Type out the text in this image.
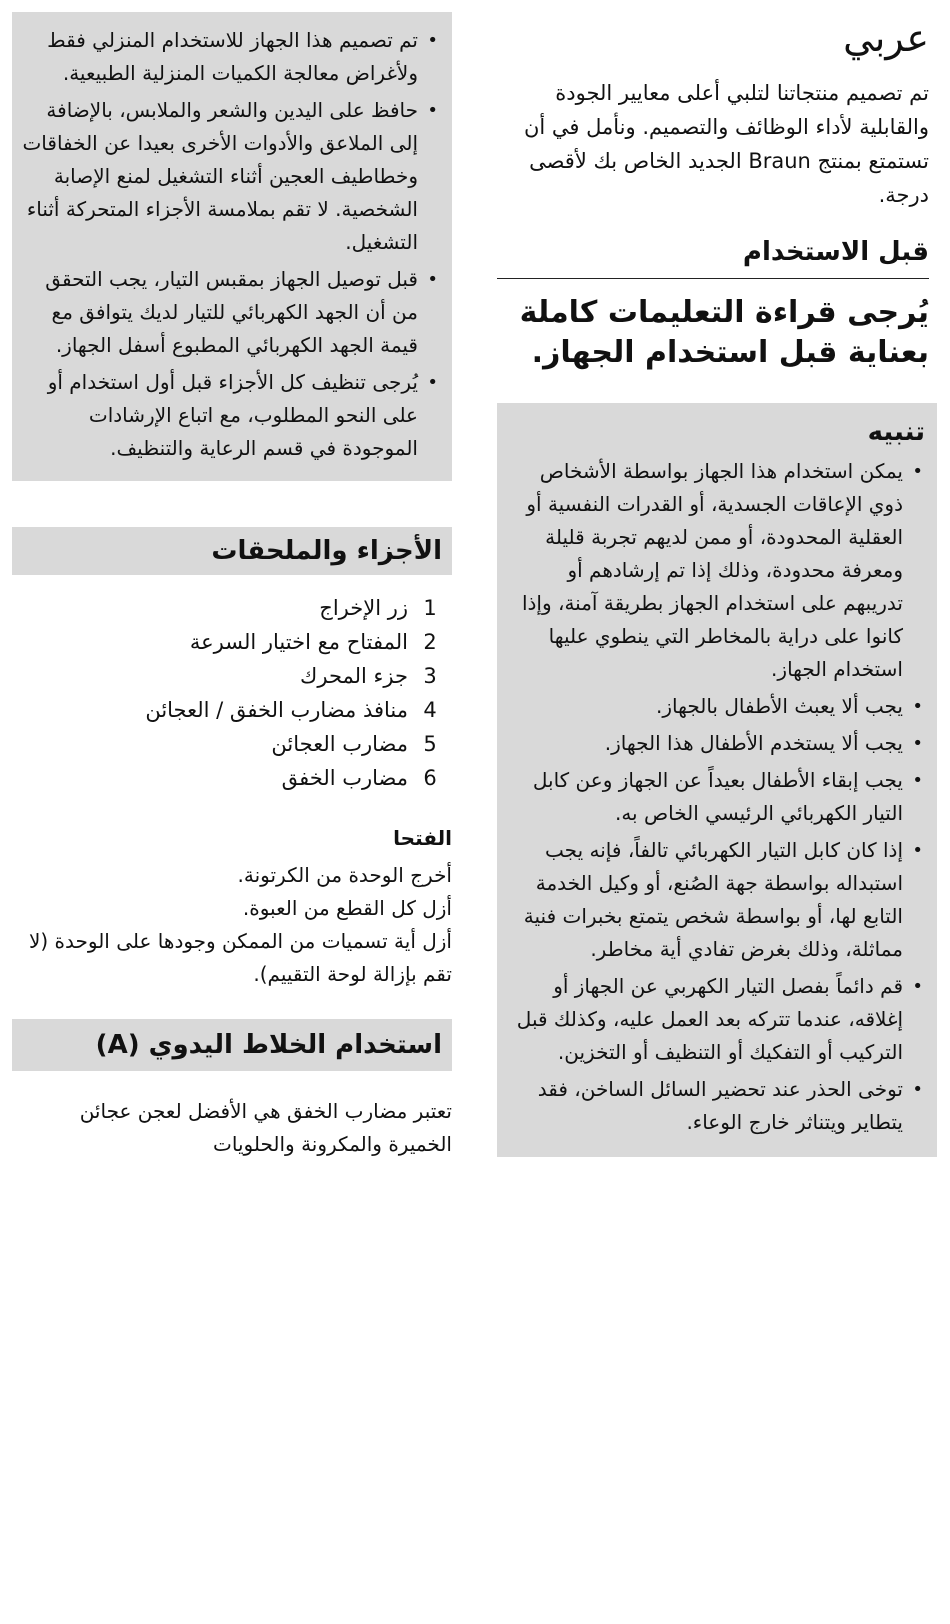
عربي

تم تصميم منتجاتنا لتلبي أعلى معايير الجودة والقابلية لأداء الوظائف والتصميم. ونأمل في أن تستمتع بمنتج Braun الجديد الخاص بك لأقصى درجة.

قبل الاستخدام
يُرجى قراءة التعليمات كاملة بعناية قبل استخدام الجهاز.
تنبيه
•
يمكن استخدام هذا الجهاز بواسطة الأشخاص ذوي الإعاقات الجسدية، أو القدرات النفسية أو العقلية المحدودة، أو ممن لديهم تجربة قليلة ومعرفة محدودة، وذلك إذا تم إرشادهم أو تدريبهم على استخدام الجهاز بطريقة آمنة، وإذا كانوا على دراية بالمخاطر التي ينطوي عليها استخدام الجهاز.
•
يجب ألا يعبث الأطفال بالجهاز.
•
يجب ألا يستخدم الأطفال هذا الجهاز.
•
يجب إبقاء الأطفال بعيداً عن الجهاز وعن كابل التيار الكهربائي الرئيسي الخاص به.
•
إذا كان كابل التيار الكهربائي تالفاً، فإنه يجب استبداله بواسطة جهة الصُنع، أو وكيل الخدمة التابع لها، أو بواسطة شخص يتمتع بخبرات فنية مماثلة، وذلك بغرض تفادي أية مخاطر.
•
قم دائماً بفصل التيار الكهربي عن الجهاز أو إغلاقه، عندما تتركه بعد العمل عليه، وكذلك قبل التركيب أو التفكيك أو التنظيف أو التخزين.
•
توخى الحذر عند تحضير السائل الساخن، فقد يتطاير ويتناثر خارج الوعاء.
•
تم تصميم هذا الجهاز للاستخدام المنزلي فقط ولأغراض معالجة الكميات المنزلية الطبيعية.
•
حافظ على اليدين والشعر والملابس، بالإضافة إلى الملاعق والأدوات الأخرى بعيدا عن الخفاقات وخطاطيف العجين أثناء التشغيل لمنع الإصابة الشخصية. لا تقم بملامسة الأجزاء المتحركة أثناء التشغيل.
•
قبل توصيل الجهاز بمقبس التيار، يجب التحقق من أن الجهد الكهربائي للتيار لديك يتوافق مع قيمة الجهد الكهربائي المطبوع أسفل الجهاز.
•
يُرجى تنظيف كل الأجزاء قبل أول استخدام أو على النحو المطلوب، مع اتباع الإرشادات الموجودة في قسم الرعاية والتنظيف.
الأجزاء والملحقات
1
زر الإخراج
2
المفتاح مع اختيار السرعة
3
جزء المحرك
4
منافذ مضارب الخفق / العجائن
5
مضارب العجائن
6
مضارب الخفق
الفتحا

أخرج الوحدة من الكرتونة.

أزل كل القطع من العبوة.

أزل أية تسميات من الممكن وجودها على الوحدة (لا تقم بإزالة لوحة التقييم).

استخدام الخلاط اليدوي (A)

تعتبر مضارب الخفق هي الأفضل لعجن عجائن الخميرة والمكرونة والحلويات
